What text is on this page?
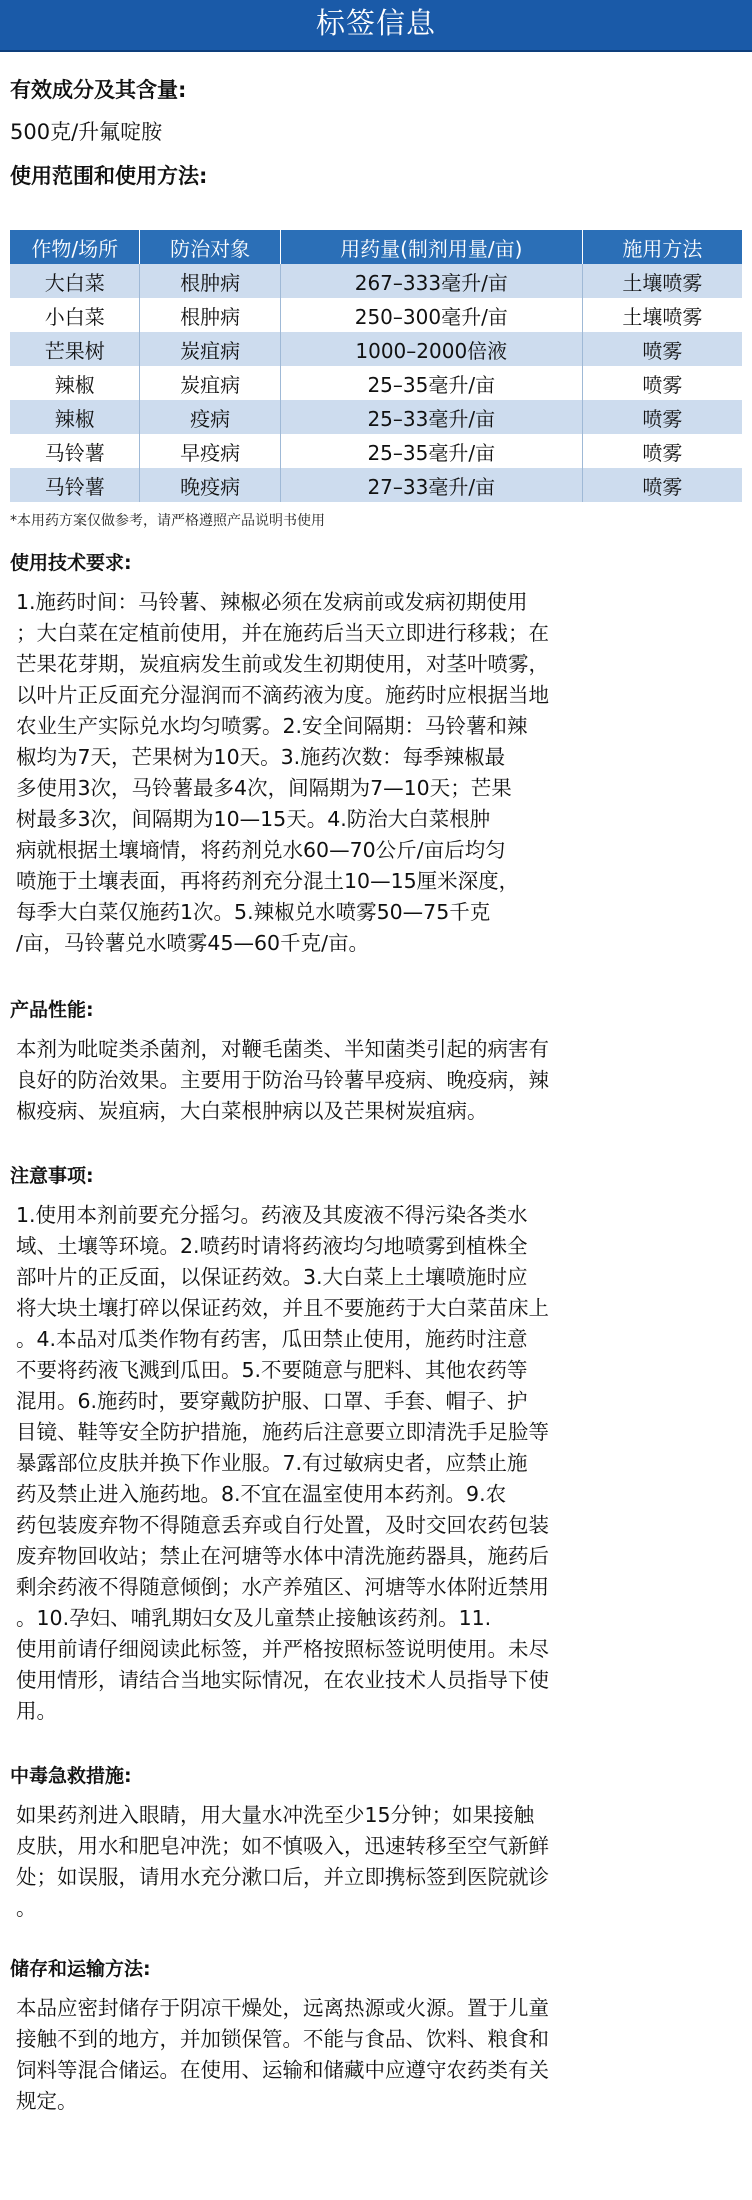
标签信息

有效成分及其含量:

500克/升氟啶胺

使用范围和使用方法:

作物/场所	防治对象	用药量(制剂用量/亩)	施用方法
大白菜	根肿病	267–333毫升/亩	土壤喷雾
小白菜	根肿病	250–300毫升/亩	土壤喷雾
芒果树	炭疽病	1000–2000倍液	喷雾
辣椒	炭疽病	25–35毫升/亩	喷雾
辣椒	疫病	25–33毫升/亩	喷雾
马铃薯	早疫病	25–35毫升/亩	喷雾
马铃薯	晚疫病	27–33毫升/亩	喷雾
*本用药方案仅做参考，请严格遵照产品说明书使用

使用技术要求:

1.施药时间：马铃薯、辣椒必须在发病前或发病初期使用
；大白菜在定植前使用，并在施药后当天立即进行移栽；在
芒果花芽期，炭疽病发生前或发生初期使用，对茎叶喷雾，
以叶片正反面充分湿润而不滴药液为度。施药时应根据当地
农业生产实际兑水均匀喷雾。2.安全间隔期：马铃薯和辣
椒均为7天，芒果树为10天。3.施药次数：每季辣椒最
多使用3次，马铃薯最多4次，间隔期为7—10天；芒果
树最多3次，间隔期为10—15天。4.防治大白菜根肿
病就根据土壤墒情，将药剂兑水60—70公斤/亩后均匀
喷施于土壤表面，再将药剂充分混土10—15厘米深度，
每季大白菜仅施药1次。5.辣椒兑水喷雾50—75千克
/亩，马铃薯兑水喷雾45—60千克/亩。

产品性能:

本剂为吡啶类杀菌剂，对鞭毛菌类、半知菌类引起的病害有
良好的防治效果。主要用于防治马铃薯早疫病、晚疫病，辣
椒疫病、炭疽病，大白菜根肿病以及芒果树炭疽病。

注意事项:

1.使用本剂前要充分摇匀。药液及其废液不得污染各类水
域、土壤等环境。2.喷药时请将药液均匀地喷雾到植株全
部叶片的正反面，以保证药效。3.大白菜上土壤喷施时应
将大块土壤打碎以保证药效，并且不要施药于大白菜苗床上
。4.本品对瓜类作物有药害，瓜田禁止使用，施药时注意
不要将药液飞溅到瓜田。5.不要随意与肥料、其他农药等
混用。6.施药时，要穿戴防护服、口罩、手套、帽子、护
目镜、鞋等安全防护措施，施药后注意要立即清洗手足脸等
暴露部位皮肤并换下作业服。7.有过敏病史者，应禁止施
药及禁止进入施药地。8.不宜在温室使用本药剂。9.农
药包装废弃物不得随意丢弃或自行处置，及时交回农药包装
废弃物回收站；禁止在河塘等水体中清洗施药器具，施药后
剩余药液不得随意倾倒；水产养殖区、河塘等水体附近禁用
。10.孕妇、哺乳期妇女及儿童禁止接触该药剂。11.
使用前请仔细阅读此标签，并严格按照标签说明使用。未尽
使用情形，请结合当地实际情况，在农业技术人员指导下使
用。

中毒急救措施:

如果药剂进入眼睛，用大量水冲洗至少15分钟；如果接触
皮肤，用水和肥皂冲洗；如不慎吸入，迅速转移至空气新鲜
处；如误服，请用水充分漱口后，并立即携标签到医院就诊
。

储存和运输方法:

本品应密封储存于阴凉干燥处，远离热源或火源。置于儿童
接触不到的地方，并加锁保管。不能与食品、饮料、粮食和
饲料等混合储运。在使用、运输和储藏中应遵守农药类有关
规定。
